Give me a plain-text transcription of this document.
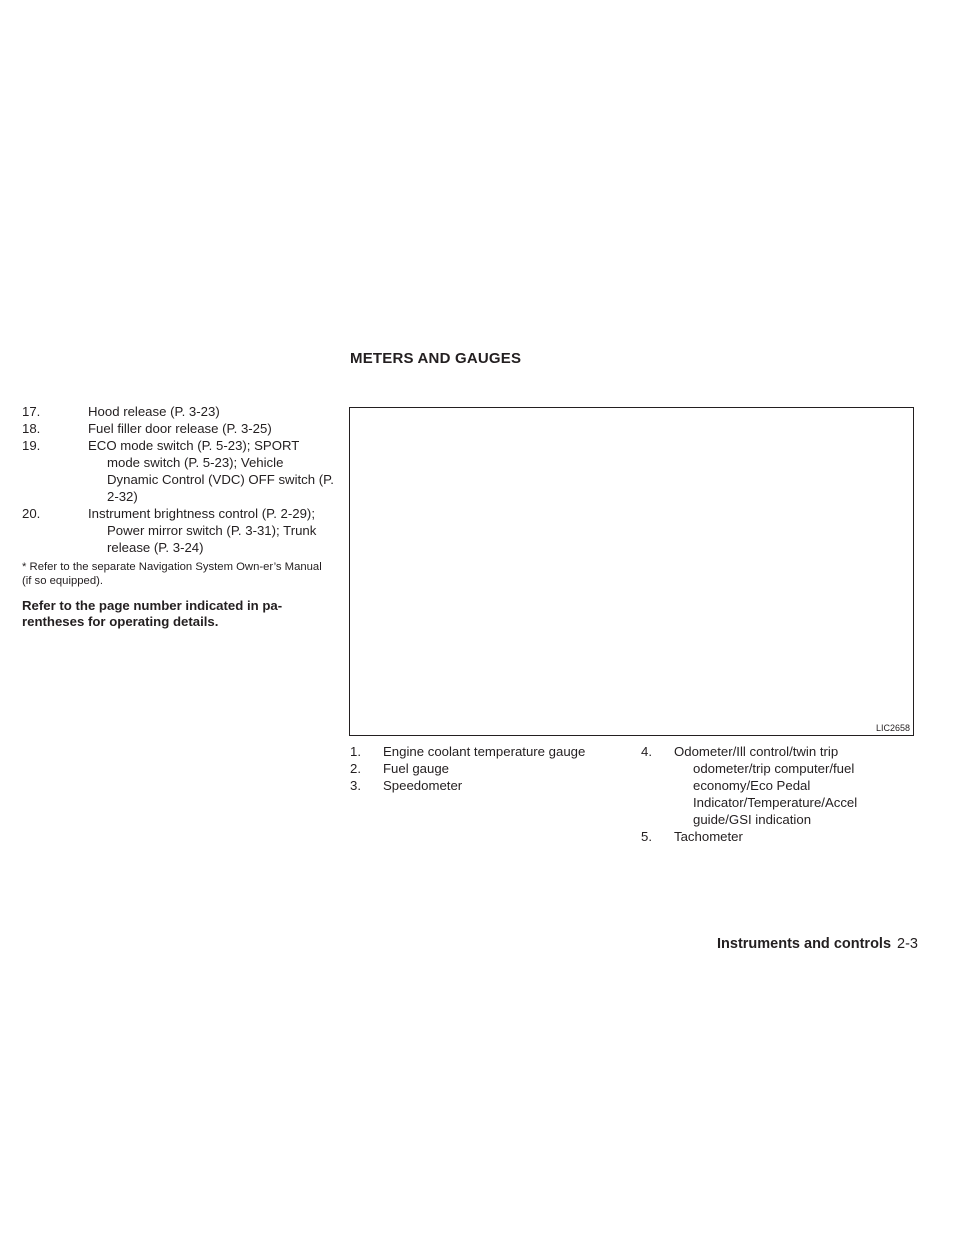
METERS AND GAUGES
17.	Hood release (P. 3-23)
18.	Fuel filler door release (P. 3-25)
19.	ECO mode switch (P. 5-23); SPORT mode switch (P. 5-23); Vehicle Dynamic Control (VDC) OFF switch (P. 2-32)
20.	Instrument brightness control (P. 2-29); Power mirror switch (P. 3-31); Trunk release (P. 3-24)

* Refer to the separate Navigation System Own-er’s Manual (if so equipped).

Refer to the page number indicated in pa-rentheses for operating details.

LIC2658
1. Engine coolant temperature gauge
2. Fuel gauge
3. Speedometer
4. Odometer/Ill control/twin trip odometer/trip computer/fuel economy/Eco Pedal Indicator/Temperature/Accel guide/GSI indication
5. Tachometer
Instruments and controls 2-3
